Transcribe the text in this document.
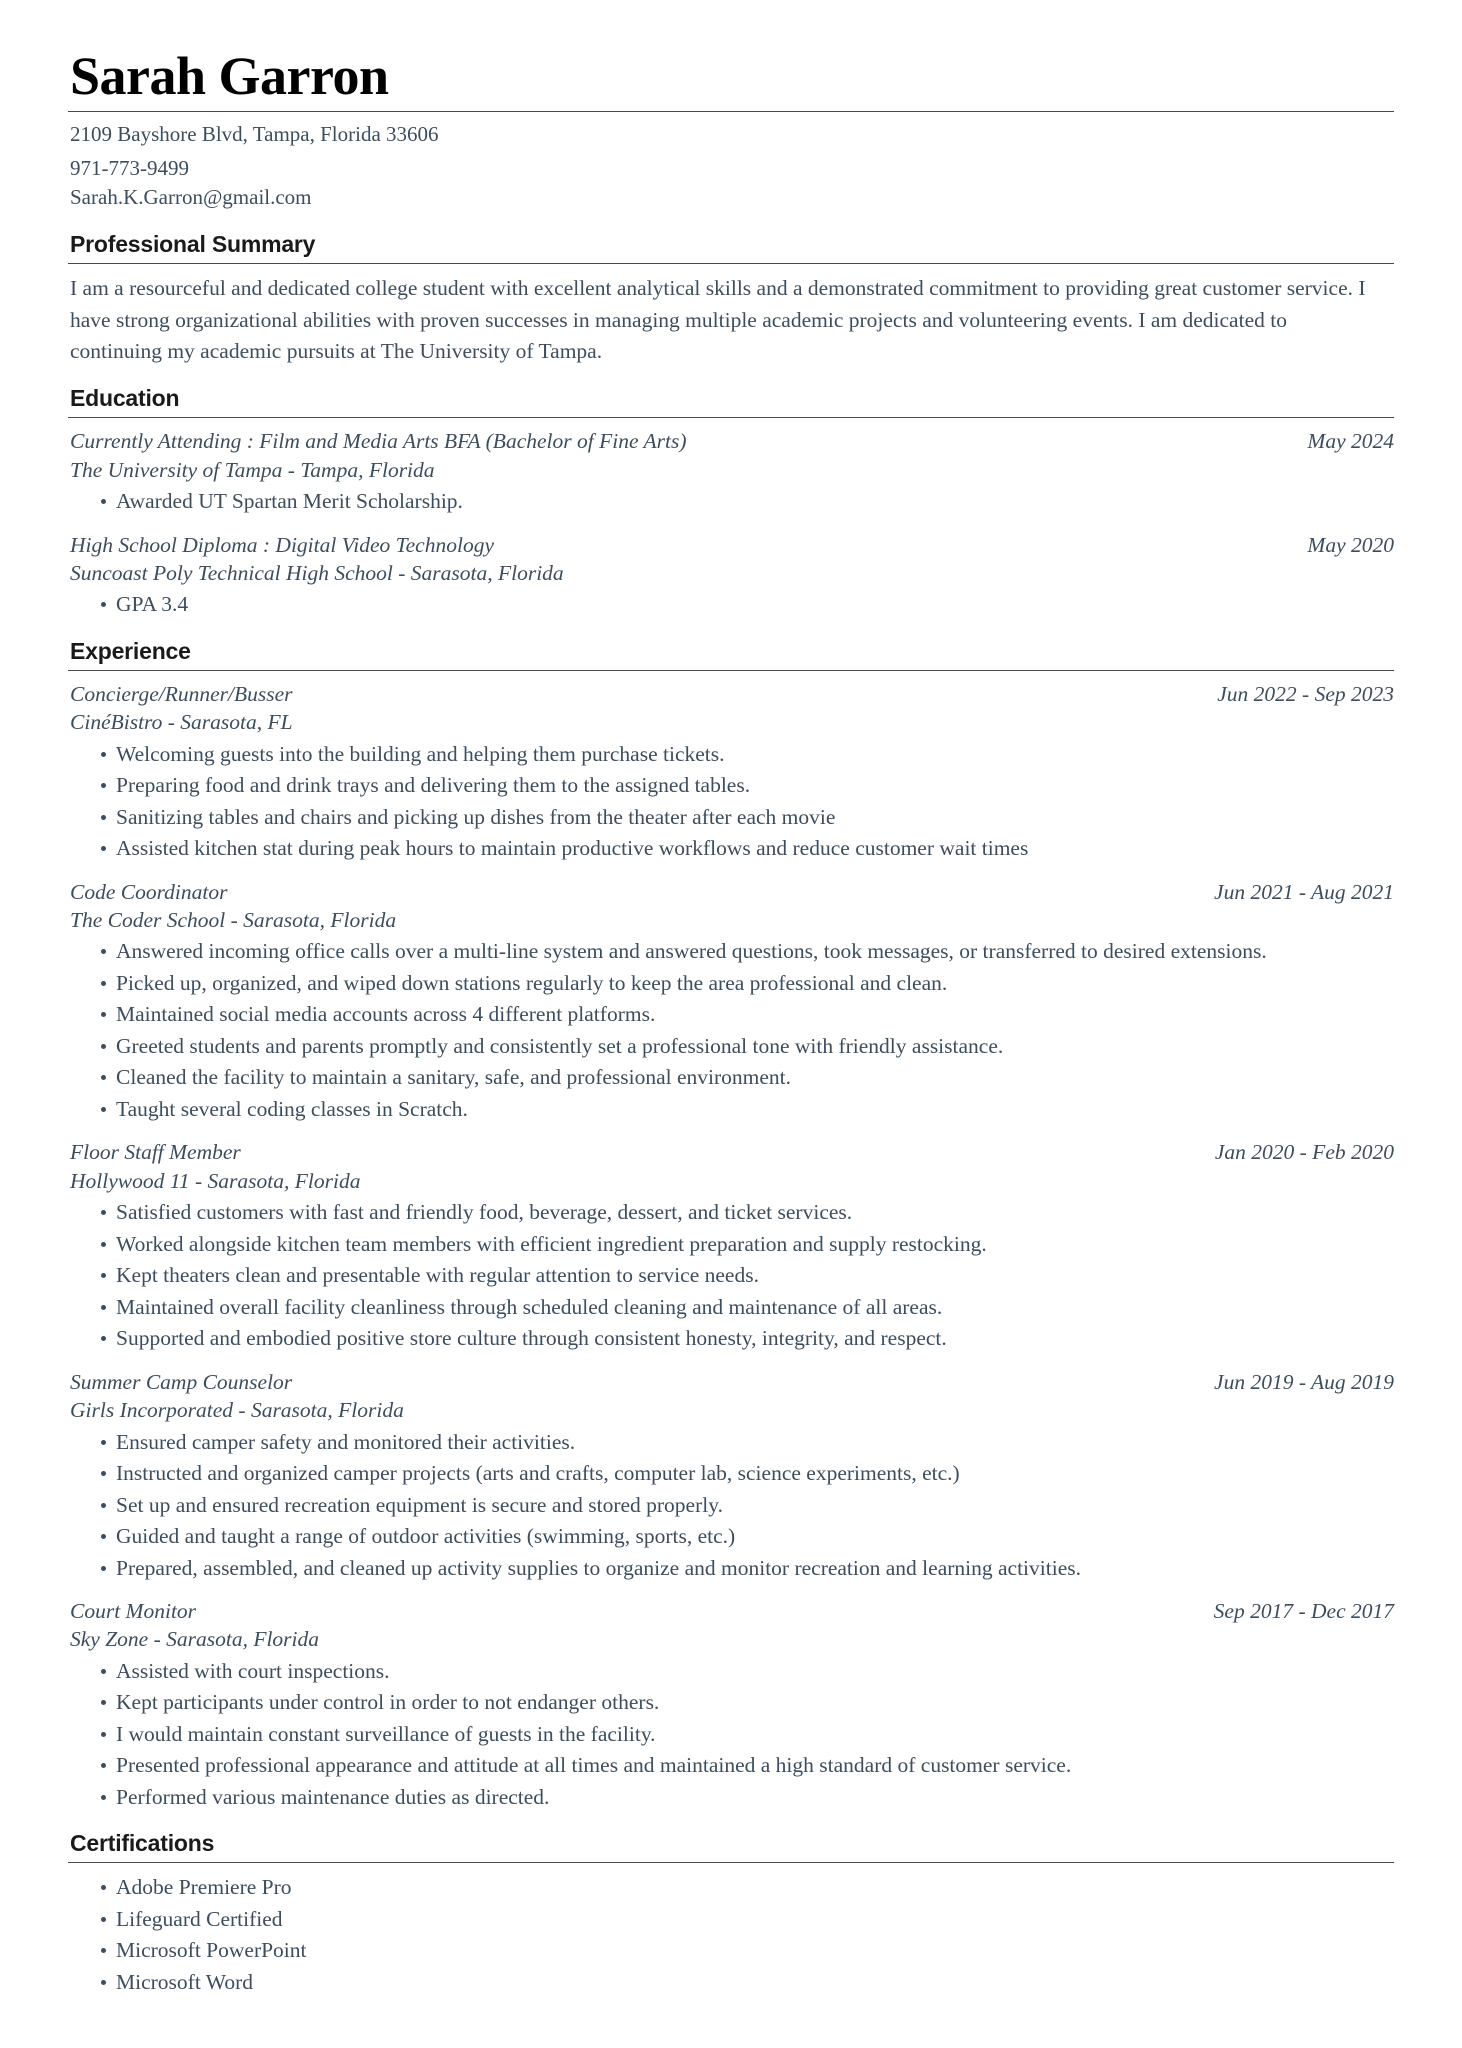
Sarah Garron
2109 Bayshore Blvd, Tampa, Florida 33606
971-773-9499
Sarah.K.Garron@gmail.com
Professional Summary
I am a resourceful and dedicated college student with excellent analytical skills and a demonstrated commitment to providing great customer service. I have strong organizational abilities with proven successes in managing multiple academic projects and volunteering events. I am dedicated to continuing my academic pursuits at The University of Tampa.
Education
Currently Attending : Film and Media Arts BFA (Bachelor of Fine Arts)	May 2024
The University of Tampa - Tampa, Florida
Awarded UT Spartan Merit Scholarship.
High School Diploma : Digital Video Technology	May 2020
Suncoast Poly Technical High School - Sarasota, Florida
GPA 3.4
Experience
Concierge/Runner/Busser	Jun 2022 - Sep 2023
CinéBistro - Sarasota, FL
Welcoming guests into the building and helping them purchase tickets.
Preparing food and drink trays and delivering them to the assigned tables.
Sanitizing tables and chairs and picking up dishes from the theater after each movie
Assisted kitchen stat during peak hours to maintain productive workflows and reduce customer wait times
Code Coordinator	Jun 2021 - Aug 2021
The Coder School - Sarasota, Florida
Answered incoming office calls over a multi-line system and answered questions, took messages, or transferred to desired extensions.
Picked up, organized, and wiped down stations regularly to keep the area professional and clean.
Maintained social media accounts across 4 different platforms.
Greeted students and parents promptly and consistently set a professional tone with friendly assistance.
Cleaned the facility to maintain a sanitary, safe, and professional environment.
Taught several coding classes in Scratch.
Floor Staff Member	Jan 2020 - Feb 2020
Hollywood 11 - Sarasota, Florida
Satisfied customers with fast and friendly food, beverage, dessert, and ticket services.
Worked alongside kitchen team members with efficient ingredient preparation and supply restocking.
Kept theaters clean and presentable with regular attention to service needs.
Maintained overall facility cleanliness through scheduled cleaning and maintenance of all areas.
Supported and embodied positive store culture through consistent honesty, integrity, and respect.
Summer Camp Counselor	Jun 2019 - Aug 2019
Girls Incorporated - Sarasota, Florida
Ensured camper safety and monitored their activities.
Instructed and organized camper projects (arts and crafts, computer lab, science experiments, etc.)
Set up and ensured recreation equipment is secure and stored properly.
Guided and taught a range of outdoor activities (swimming, sports, etc.)
Prepared, assembled, and cleaned up activity supplies to organize and monitor recreation and learning activities.
Court Monitor	Sep 2017 - Dec 2017
Sky Zone - Sarasota, Florida
Assisted with court inspections.
Kept participants under control in order to not endanger others.
I would maintain constant surveillance of guests in the facility.
Presented professional appearance and attitude at all times and maintained a high standard of customer service.
Performed various maintenance duties as directed.
Certifications
Adobe Premiere Pro
Lifeguard Certified
Microsoft PowerPoint
Microsoft Word
